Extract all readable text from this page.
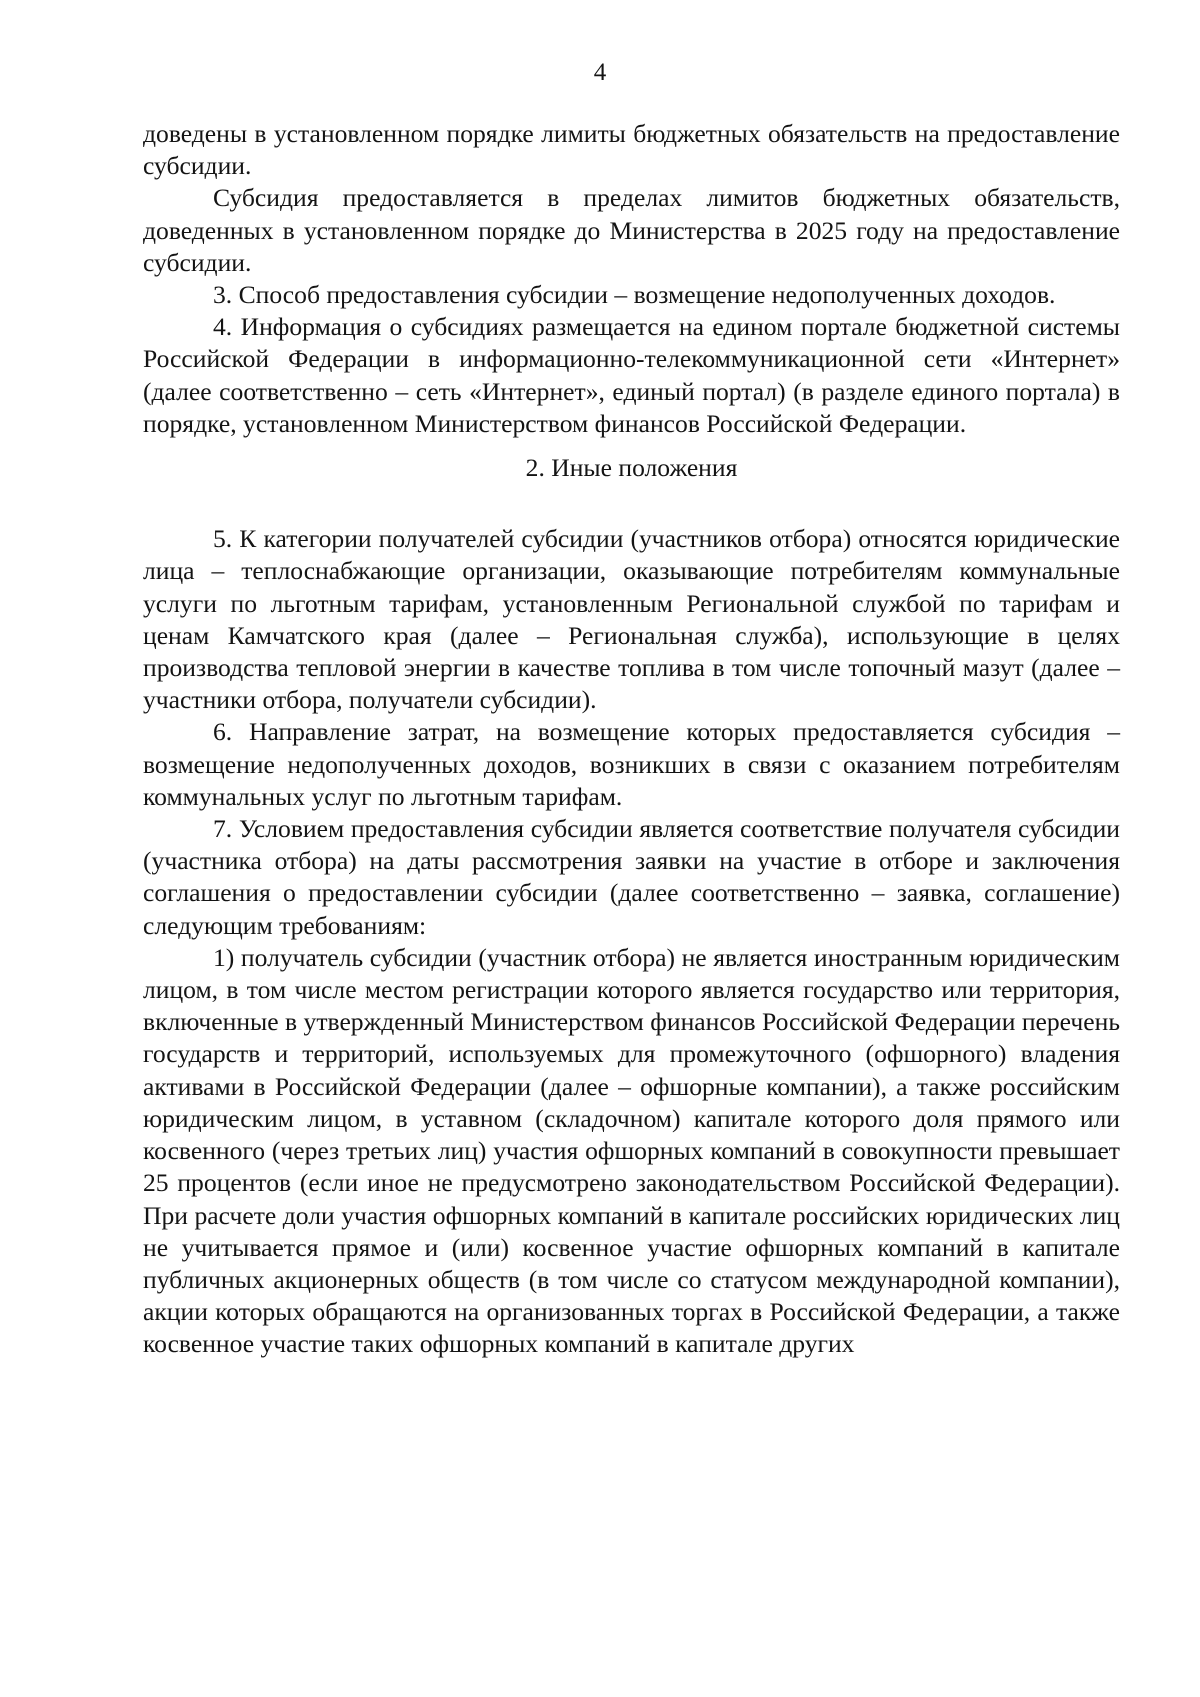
4

доведены в установленном порядке лимиты бюджетных обязательств на предоставление субсидии.

Субсидия предоставляется в пределах лимитов бюджетных обязательств, доведенных в установленном порядке до Министерства в 2025 году на предоставление субсидии.

3. Способ предоставления субсидии – возмещение недополученных доходов.

4. Информация о субсидиях размещается на едином портале бюджетной системы Российской Федерации в информационно-телекоммуникационной сети «Интернет» (далее соответственно – сеть «Интернет», единый портал) (в разделе единого портала) в порядке, установленном Министерством финансов Российской Федерации.

2. Иные положения

5. К категории получателей субсидии (участников отбора) относятся юридические лица – теплоснабжающие организации, оказывающие потребителям коммунальные услуги по льготным тарифам, установленным Региональной службой по тарифам и ценам Камчатского края (далее – Региональная служба), использующие в целях производства тепловой энергии в качестве топлива в том числе топочный мазут (далее – участники отбора, получатели субсидии).

6. Направление затрат, на возмещение которых предоставляется субсидия – возмещение недополученных доходов, возникших в связи с оказанием потребителям коммунальных услуг по льготным тарифам.

7. Условием предоставления субсидии является соответствие получателя субсидии (участника отбора) на даты рассмотрения заявки на участие в отборе и заключения соглашения о предоставлении субсидии (далее соответственно – заявка, соглашение) следующим требованиям:

1) получатель субсидии (участник отбора) не является иностранным юридическим лицом, в том числе местом регистрации которого является государство или территория, включенные в утвержденный Министерством финансов Российской Федерации перечень государств и территорий, используемых для промежуточного (офшорного) владения активами в Российской Федерации (далее – офшорные компании), а также российским юридическим лицом, в уставном (складочном) капитале которого доля прямого или косвенного (через третьих лиц) участия офшорных компаний в совокупности превышает 25 процентов (если иное не предусмотрено законодательством Российской Федерации). При расчете доли участия офшорных компаний в капитале российских юридических лиц не учитывается прямое и (или) косвенное участие офшорных компаний в капитале публичных акционерных обществ (в том числе со статусом международной компании), акции которых обращаются на организованных торгах в Российской Федерации, а также косвенное участие таких офшорных компаний в капитале других
